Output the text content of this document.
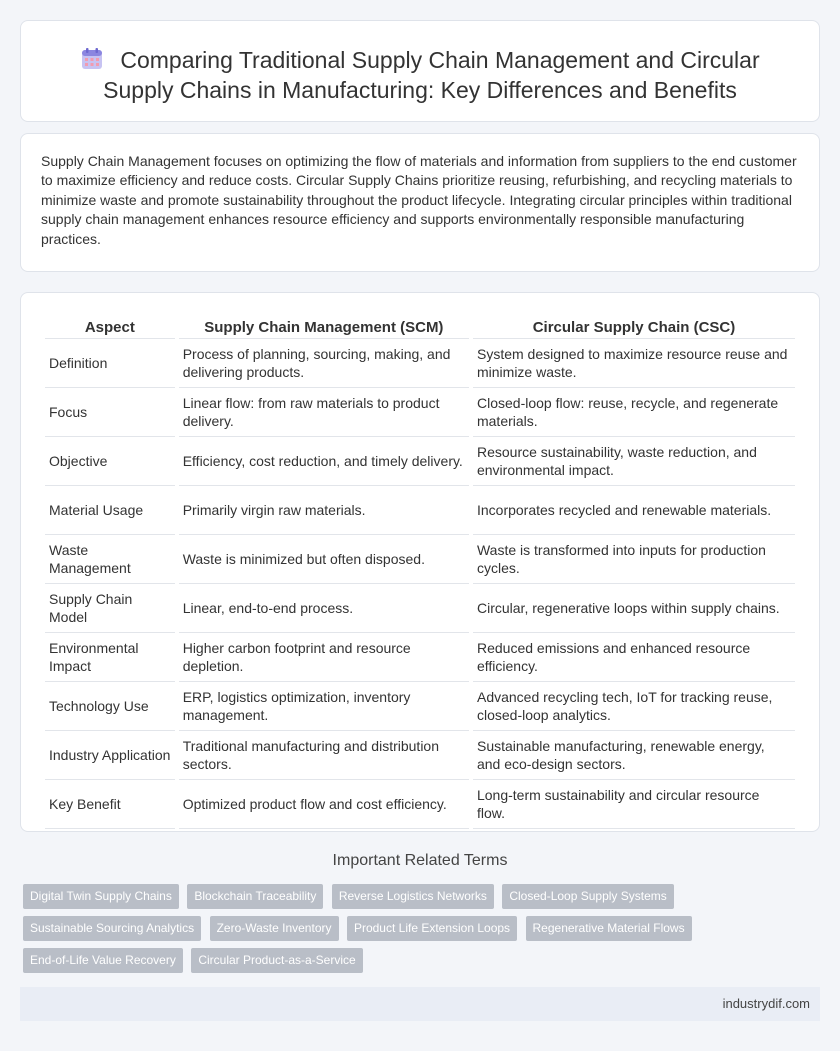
Comparing Traditional Supply Chain Management and Circular Supply Chains in Manufacturing: Key Differences and Benefits

Supply Chain Management focuses on optimizing the flow of materials and information from suppliers to the end customer to maximize efficiency and reduce costs. Circular Supply Chains prioritize reusing, refurbishing, and recycling materials to minimize waste and promote sustainability throughout the product lifecycle. Integrating circular principles within traditional supply chain management enhances resource efficiency and supports environmentally responsible manufacturing practices.

Aspect	Supply Chain Management (SCM)	Circular Supply Chain (CSC)
Definition	Process of planning, sourcing, making, and delivering products.	System designed to maximize resource reuse and minimize waste.
Focus	Linear flow: from raw materials to product delivery.	Closed-loop flow: reuse, recycle, and regenerate materials.
Objective	Efficiency, cost reduction, and timely delivery.	Resource sustainability, waste reduction, and environmental impact.
Material Usage	Primarily virgin raw materials.	Incorporates recycled and renewable materials.
Waste Management	Waste is minimized but often disposed.	Waste is transformed into inputs for production cycles.
Supply Chain Model	Linear, end-to-end process.	Circular, regenerative loops within supply chains.
Environmental Impact	Higher carbon footprint and resource depletion.	Reduced emissions and enhanced resource efficiency.
Technology Use	ERP, logistics optimization, inventory management.	Advanced recycling tech, IoT for tracking reuse, closed-loop analytics.
Industry Application	Traditional manufacturing and distribution sectors.	Sustainable manufacturing, renewable energy, and eco-design sectors.
Key Benefit	Optimized product flow and cost efficiency.	Long-term sustainability and circular resource flow.
Important Related Terms
Digital Twin Supply Chains Blockchain Traceability Reverse Logistics Networks Closed-Loop Supply Systems
Sustainable Sourcing Analytics Zero-Waste Inventory Product Life Extension Loops Regenerative Material Flows
End-of-Life Value Recovery Circular Product-as-a-Service
industrydif.com
